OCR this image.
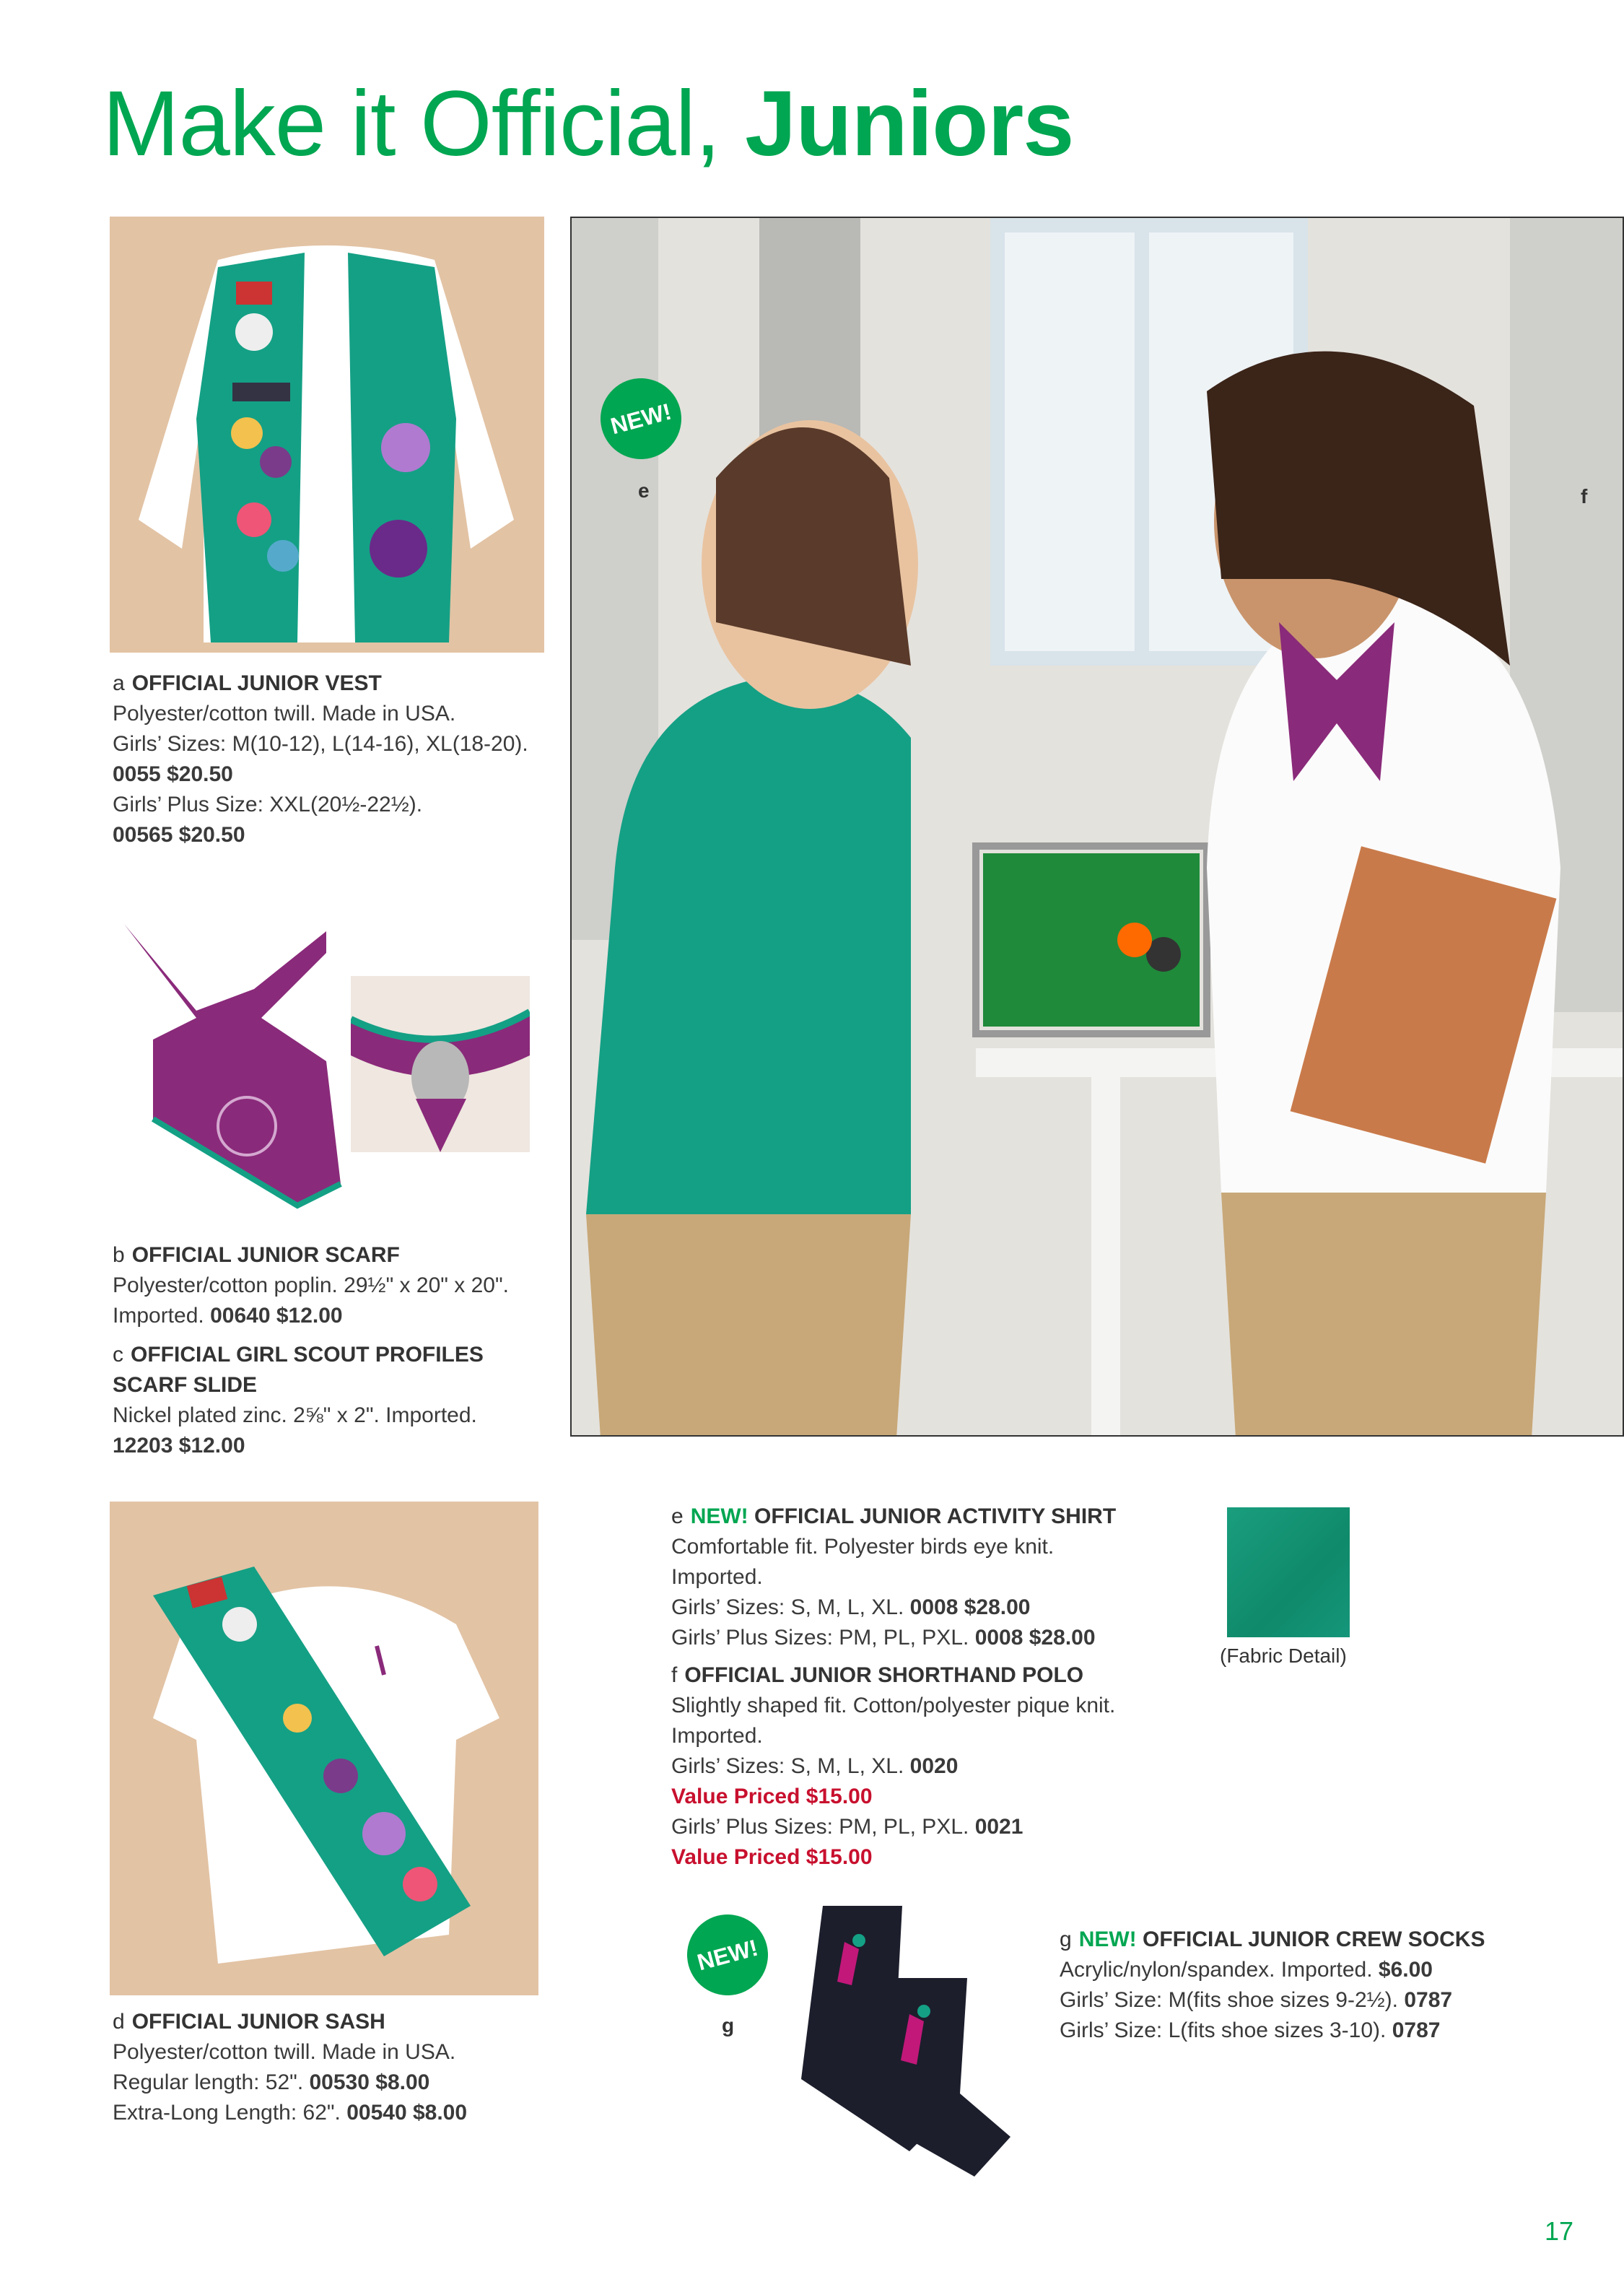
Make it Official, Juniors

a OFFICIAL JUNIOR VEST

Polyester/cotton twill. Made in USA.

Girls’ Sizes: M(10-12), L(14-16), XL(18-20).

0055 $20.50

Girls’ Plus Size: XXL(20½-22½).

00565 $20.50

b OFFICIAL JUNIOR SCARF

Polyester/cotton poplin. 29½" x 20" x 20".

Imported. 00640 $12.00

c OFFICIAL GIRL SCOUT PROFILES

SCARF SLIDE

Nickel plated zinc. 2⅝" x 2". Imported.

12203 $12.00

NEW!
e	f

e NEW! OFFICIAL JUNIOR ACTIVITY SHIRT

Comfortable fit. Polyester birds eye knit.

Imported.

Girls’ Sizes: S, M, L, XL. 0008 $28.00

Girls’ Plus Sizes: PM, PL, PXL. 0008 $28.00

(Fabric Detail)

f OFFICIAL JUNIOR SHORTHAND POLO

Slightly shaped fit. Cotton/polyester pique knit.

Imported.

Girls’ Sizes: S, M, L, XL. 0020

Value Priced $15.00

Girls’ Plus Sizes: PM, PL, PXL. 0021

Value Priced $15.00

d OFFICIAL JUNIOR SASH

Polyester/cotton twill. Made in USA.

Regular length: 52". 00530 $8.00

Extra-Long Length: 62". 00540 $8.00

NEW!
g

g NEW! OFFICIAL JUNIOR CREW SOCKS

Acrylic/nylon/spandex. Imported. $6.00

Girls’ Size: M(fits shoe sizes 9-2½). 0787

Girls’ Size: L(fits shoe sizes 3-10). 0787

17
